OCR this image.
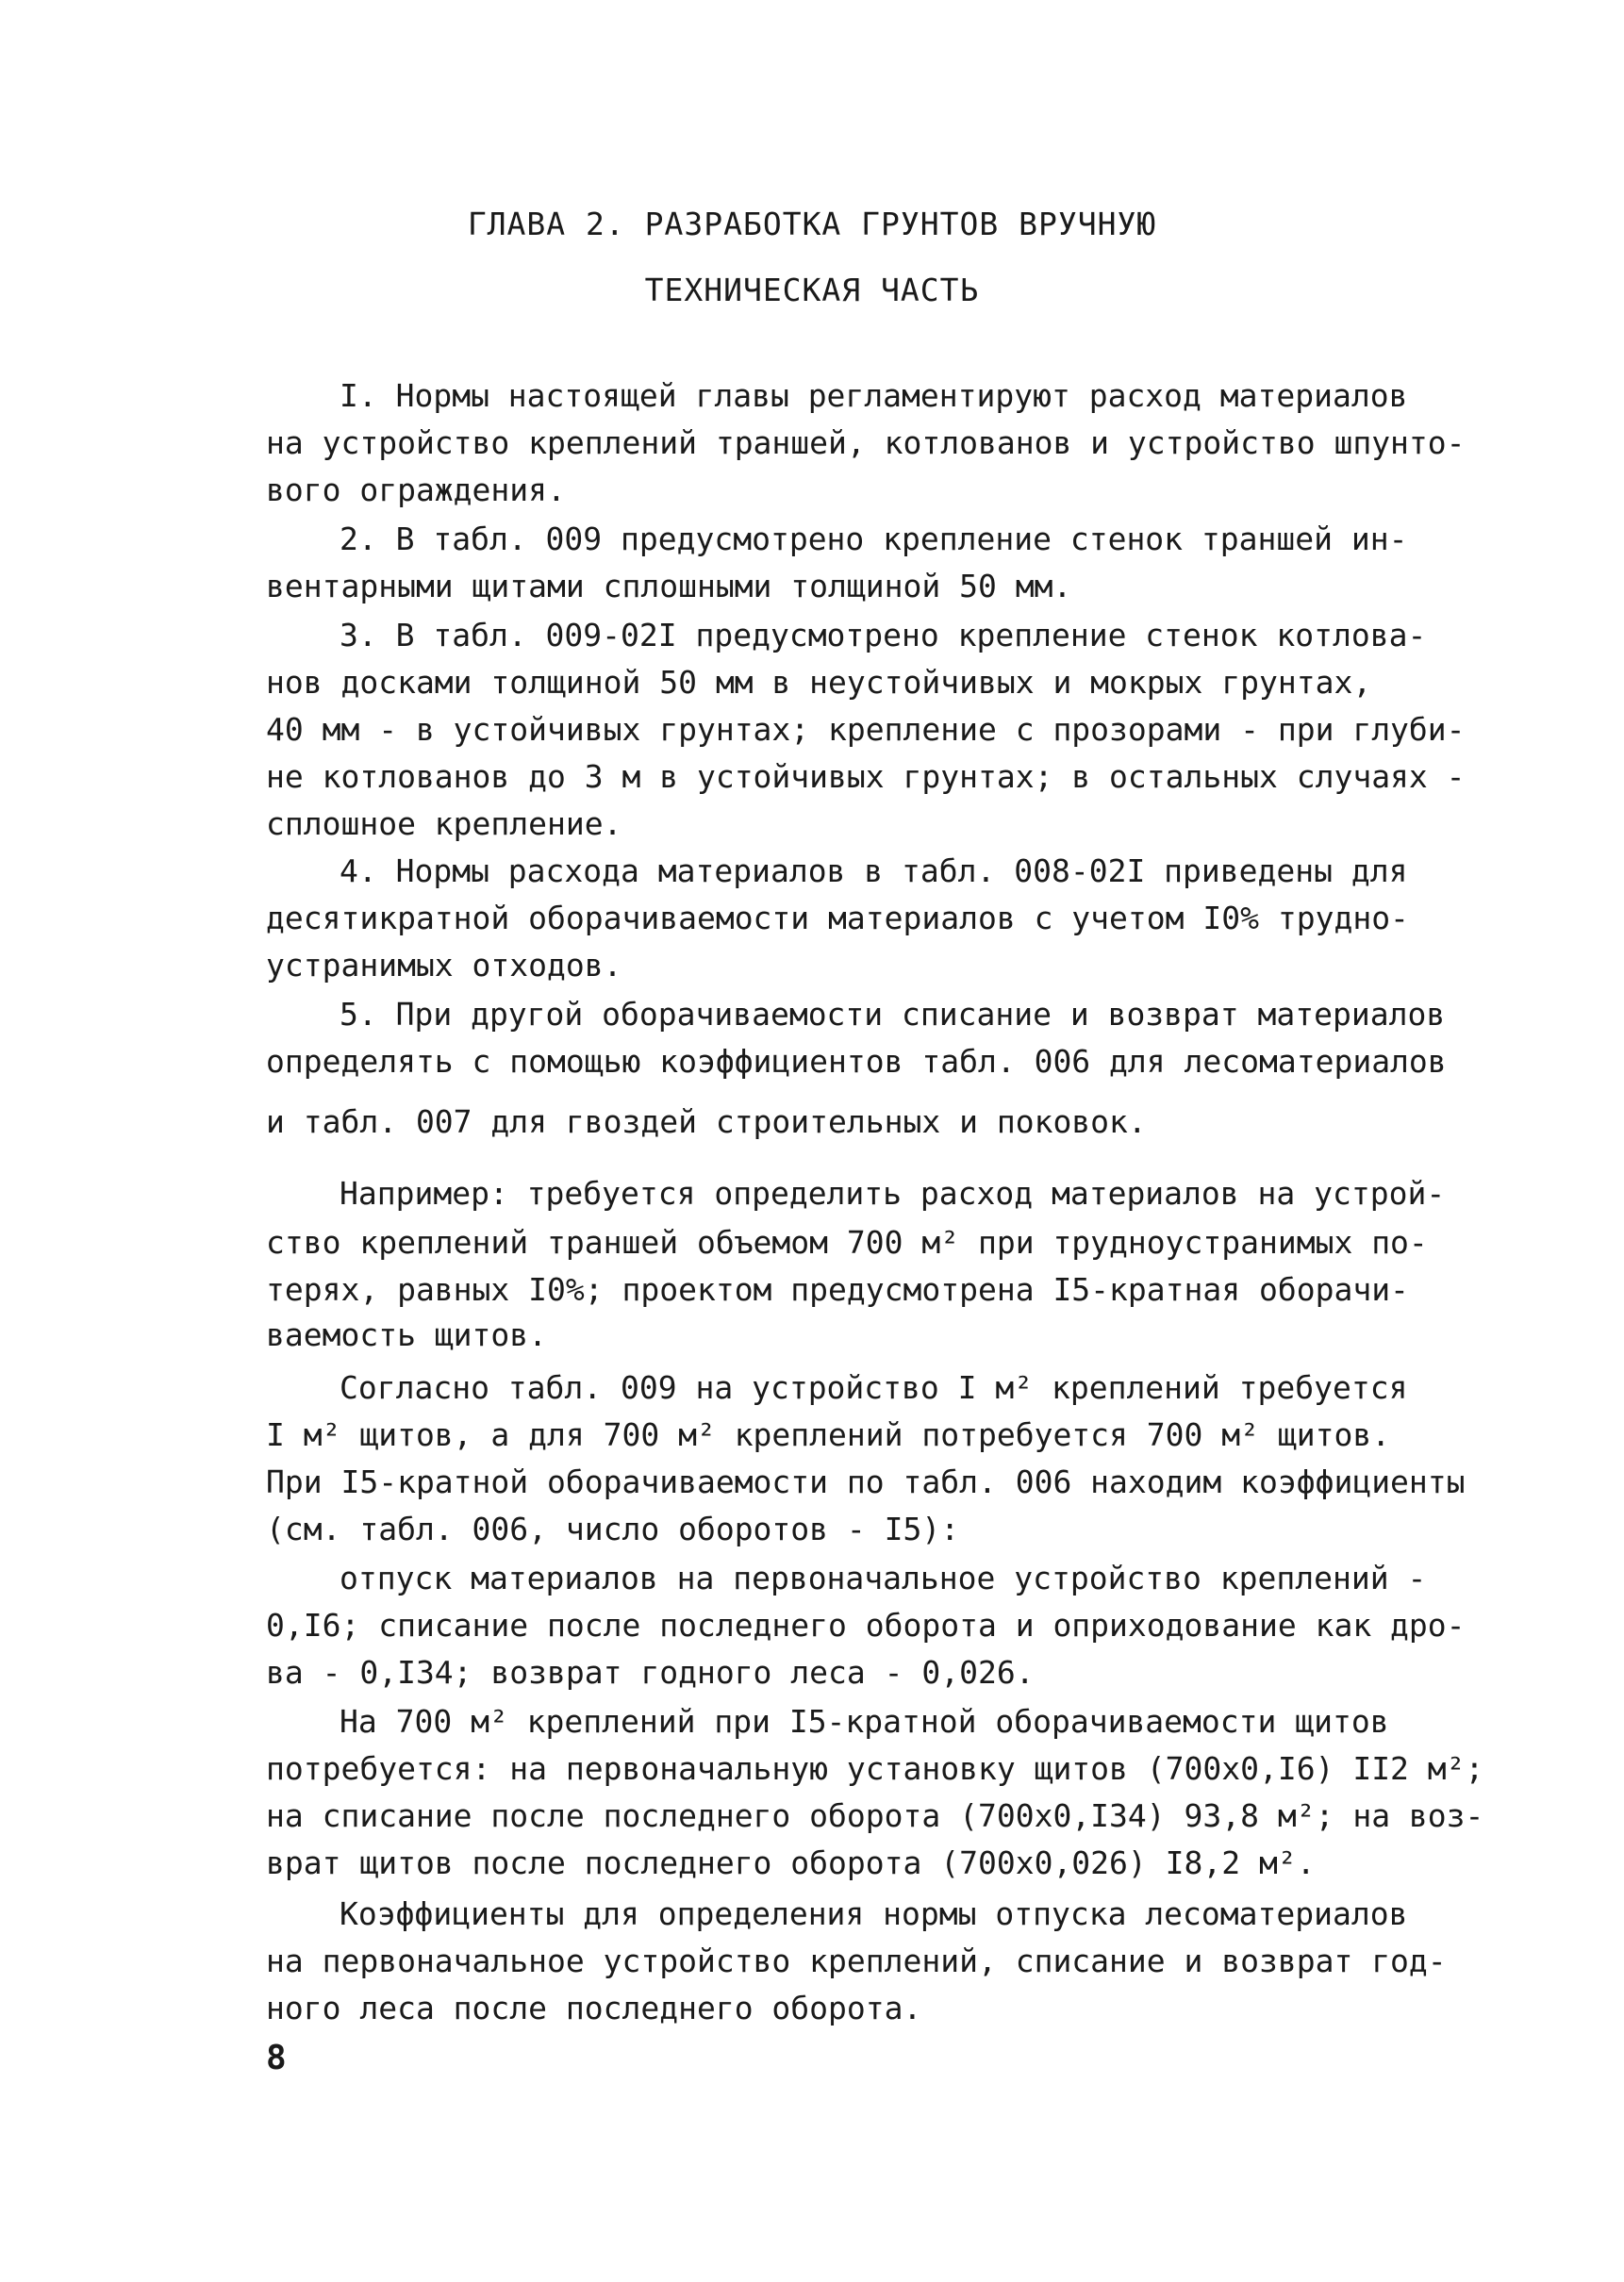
ГЛАВА 2. РАЗРАБОТКА ГРУНТОВ ВРУЧНУЮ
ТЕХНИЧЕСКАЯ ЧАСТЬ
I. Нормы настоящей главы регламентируют расход материалов
на устройство креплений траншей, котлованов и устройство шпунто-
вого ограждения.
2. В табл. 009 предусмотрено крепление стенок траншей ин-
вентарными щитами сплошными толщиной 50 мм.
3. В табл. 009-02I предусмотрено крепление стенок котлова-
нов досками толщиной 50 мм в неустойчивых и мокрых грунтах,
40 мм - в устойчивых грунтах; крепление с прозорами - при глуби-
не котлованов до 3 м в устойчивых грунтах; в остальных случаях -
сплошное крепление.
4. Нормы расхода материалов в табл. 008-02I приведены для
десятикратной оборачиваемости материалов с учетом I0% трудно-
устранимых отходов.
5. При другой оборачиваемости списание и возврат материалов
определять с помощью коэффициентов табл. 006 для лесоматериалов
и табл. 007 для гвоздей строительных и поковок.
Например: требуется определить расход материалов на устрой-
ство креплений траншей объемом 700 м² при трудноустранимых по-
терях, равных I0%; проектом предусмотрена I5-кратная оборачи-
ваемость щитов.
Согласно табл. 009 на устройство I м² креплений требуется
I м² щитов, а для 700 м² креплений потребуется 700 м² щитов.
При I5-кратной оборачиваемости по табл. 006 находим коэффициенты
(см. табл. 006, число оборотов - I5):
отпуск материалов на первоначальное устройство креплений -
0,I6; списание после последнего оборота и оприходование как дро-
ва - 0,I34; возврат годного леса - 0,026.
На 700 м² креплений при I5-кратной оборачиваемости щитов
потребуется: на первоначальную установку щитов (700х0,I6) II2 м²;
на списание после последнего оборота (700х0,I34) 93,8 м²; на воз-
врат щитов после последнего оборота (700х0,026) I8,2 м².
Коэффициенты для определения нормы отпуска лесоматериалов
на первоначальное устройство креплений, списание и возврат год-
ного леса после последнего оборота.
8
